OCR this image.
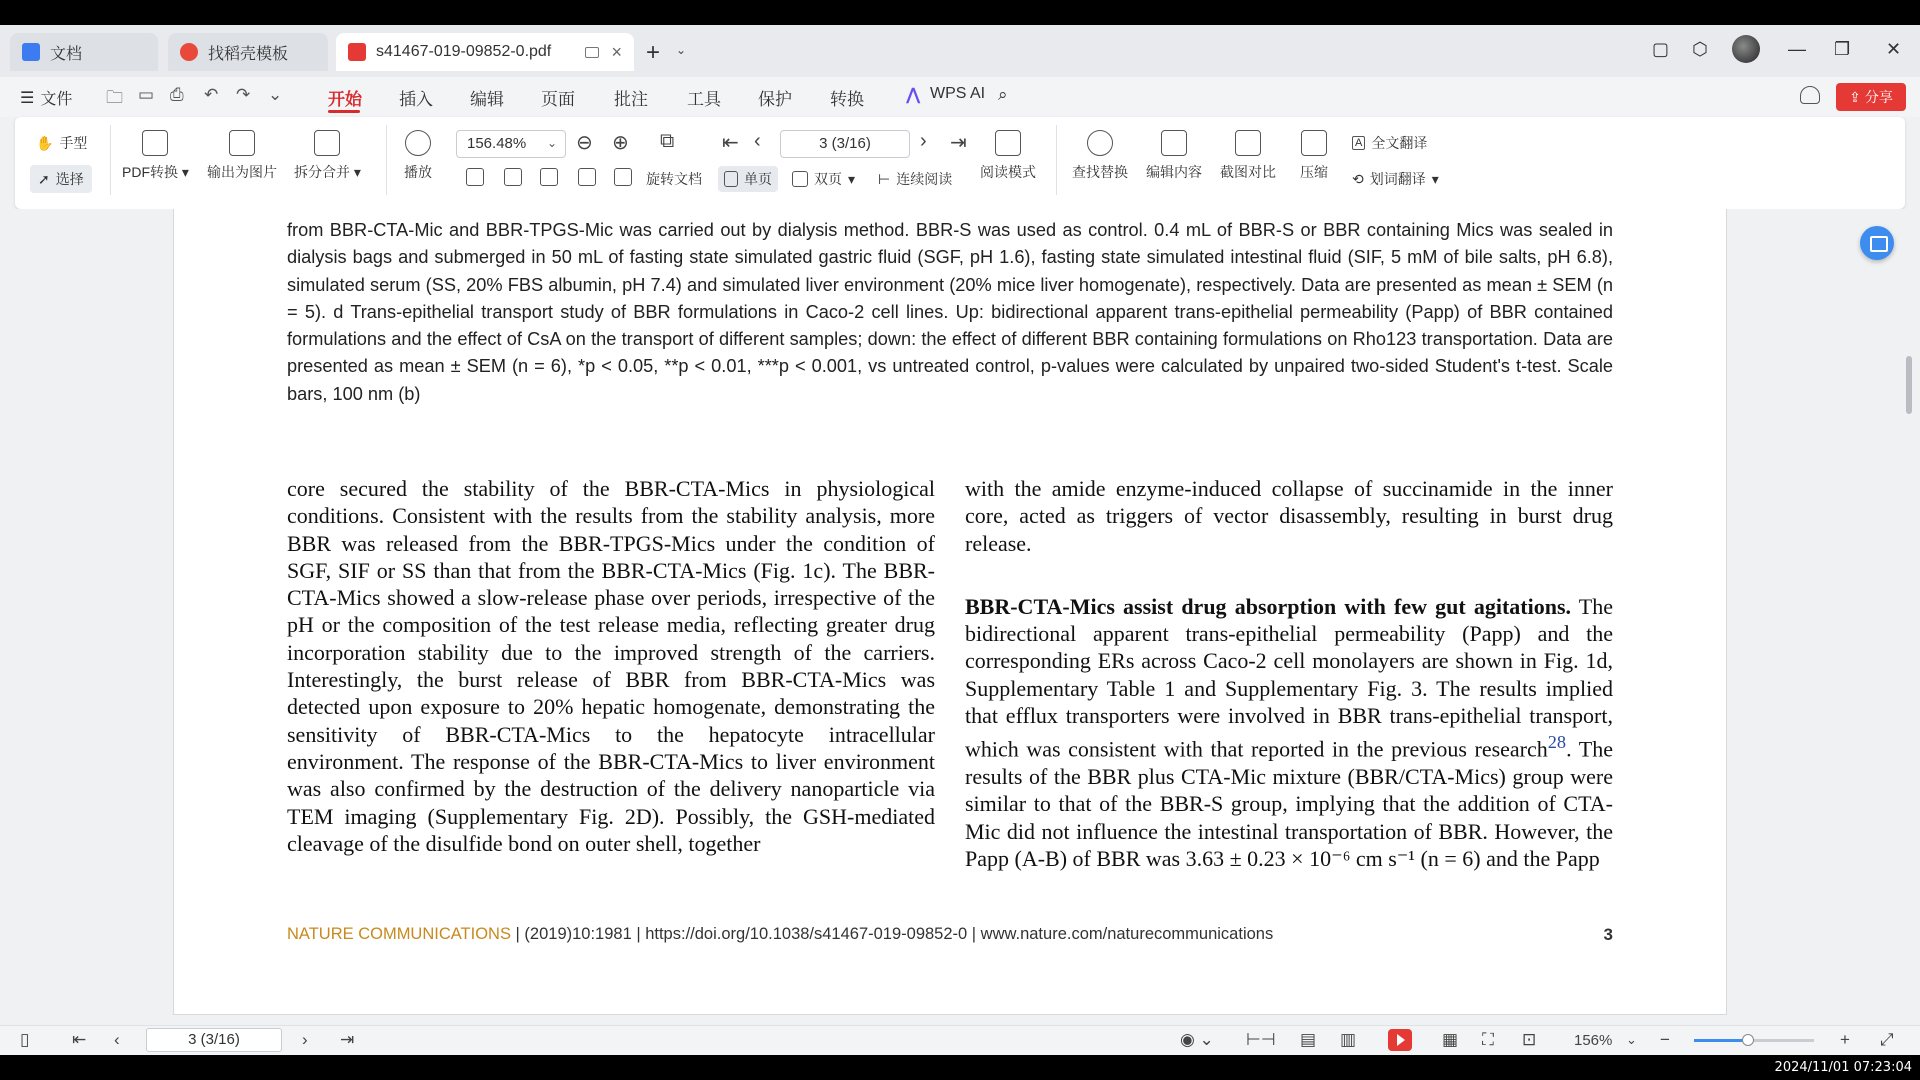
文档	找稻壳模板	s41467-019-09852-0.pdf	× + ⌄	▢ ⬡	— ❐ ✕
☰ 文件 🗀 ▭ ⎙ ↶ ↷ ⌄	开始 插入 编辑 页面 批注 工具 保护 转换 ⋀ WPS AI ⌕	⇪ 分享
✋ 手型
➚ 选择	PDF转换 ▾ 输出为图片 拆分合并 ▾	播放
156.48% ⌄ ⊖ ⊕ ⧉ ⇤ ‹	3 (3/16)	› ⇥
旋转文档	单页	双页 ▾ ⊢ 连续阅读 阅读模式	查找替换 编辑内容 截图对比 压缩
A 全文翻译
⟲ 划词翻译 ▾
from BBR-CTA-Mic and BBR-TPGS-Mic was carried out by dialysis method. BBR-S was used as control. 0.4 mL of BBR-S or BBR containing Mics was sealed in dialysis bags and submerged in 50 mL of fasting state simulated gastric fluid (SGF, pH 1.6), fasting state simulated intestinal fluid (SIF, 5 mM of bile salts, pH 6.8), simulated serum (SS, 20% FBS albumin, pH 7.4) and simulated liver environment (20% mice liver homogenate), respectively. Data are presented as mean ± SEM (n = 5). d Trans-epithelial transport study of BBR formulations in Caco-2 cell lines. Up: bidirectional apparent trans-epithelial permeability (Papp) of BBR contained formulations and the effect of CsA on the transport of different samples; down: the effect of different BBR containing formulations on Rho123 transportation. Data are presented as mean ± SEM (n = 6), *p < 0.05, **p < 0.01, ***p < 0.001, vs untreated control, p-values were calculated by unpaired two-sided Student's t-test. Scale bars, 100 nm (b)

core secured the stability of the BBR-CTA-Mics in physiological conditions. Consistent with the results from the stability analysis, more BBR was released from the BBR-TPGS-Mics under the condition of SGF, SIF or SS than that from the BBR-CTA-Mics (Fig. 1c). The BBR-CTA-Mics showed a slow-release phase over periods, irrespective of the pH or the composition of the test release media, reflecting greater drug incorporation stability due to the improved strength of the carriers. Interestingly, the burst release of BBR from BBR-CTA-Mics was detected upon exposure to 20% hepatic homogenate, demonstrating the sensitivity of BBR-CTA-Mics to the hepatocyte intracellular environment. The response of the BBR-CTA-Mics to liver environment was also confirmed by the destruction of the delivery nanoparticle via TEM imaging (Supplementary Fig. 2D). Possibly, the GSH-mediated cleavage of the disulfide bond on outer shell, together

with the amide enzyme-induced collapse of succinamide in the inner core, acted as triggers of vector disassembly, resulting in burst drug release.

BBR-CTA-Mics assist drug absorption with few gut agitations. The bidirectional apparent trans-epithelial permeability (Papp) and the corresponding ERs across Caco-2 cell monolayers are shown in Fig. 1d, Supplementary Table 1 and Supplementary Fig. 3. The results implied that efflux transporters were involved in BBR trans-epithelial transport, which was consistent with that reported in the previous research$^{28}$. The results of the BBR plus CTA-Mic mixture (BBR/CTA-Mics) group were similar to that of the BBR-S group, implying that the addition of CTA-Mic did not influence the intestinal transportation of BBR. However, the Papp (A-B) of BBR was 3.63 ± 0.23 × 10⁻⁶ cm s⁻¹ (n = 6) and the Papp

NATURE COMMUNICATIONS | (2019)10:1981 | https://doi.org/10.1038/s41467-019-09852-0 | www.nature.com/naturecommunications	3
▯	⇤ ‹	› ⇥	◉ ⌄ ⊢⊣ ▤ ▥	▦ ⛶ ⊡	156% ⌄ −	+ ⤢
3 (3/16)
2024/11/01 07:23:04
